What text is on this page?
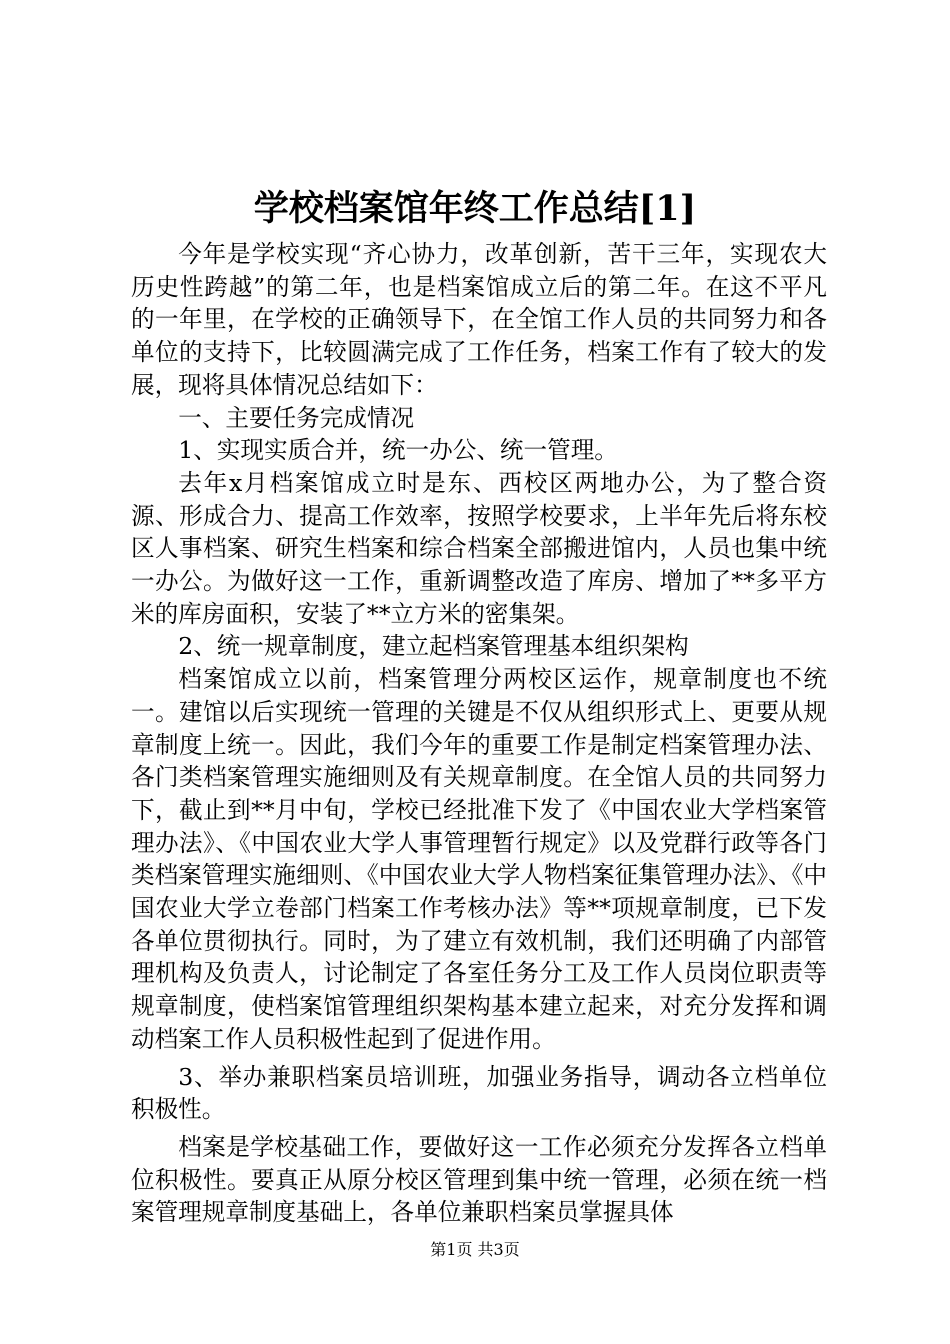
学校档案馆年终工作总结[1]

今年是学校实现“齐心协力，改革创新，苦干三年，实现农大历史性跨越”的第二年，也是档案馆成立后的第二年。在这不平凡的一年里，在学校的正确领导下，在全馆工作人员的共同努力和各单位的支持下，比较圆满完成了工作任务，档案工作有了较大的发展，现将具体情况总结如下：

一、主要任务完成情况

1、实现实质合并，统一办公、统一管理。

去年x月档案馆成立时是东、西校区两地办公，为了整合资源、形成合力、提高工作效率，按照学校要求，上半年先后将东校区人事档案、研究生档案和综合档案全部搬进馆内，人员也集中统一办公。为做好这一工作，重新调整改造了库房、增加了**多平方米的库房面积，安装了**立方米的密集架。

2、统一规章制度，建立起档案管理基本组织架构

档案馆成立以前，档案管理分两校区运作，规章制度也不统一。建馆以后实现统一管理的关键是不仅从组织形式上、更要从规章制度上统一。因此，我们今年的重要工作是制定档案管理办法、各门类档案管理实施细则及有关规章制度。在全馆人员的共同努力下，截止到**月中旬，学校已经批准下发了《中国农业大学档案管理办法》、《中国农业大学人事管理暂行规定》以及党群行政等各门类档案管理实施细则、《中国农业大学人物档案征集管理办法》、《中国农业大学立卷部门档案工作考核办法》等**项规章制度，已下发各单位贯彻执行。同时，为了建立有效机制，我们还明确了内部管理机构及负责人，讨论制定了各室任务分工及工作人员岗位职责等规章制度，使档案馆管理组织架构基本建立起来，对充分发挥和调动档案工作人员积极性起到了促进作用。

3、举办兼职档案员培训班，加强业务指导，调动各立档单位积极性。

档案是学校基础工作，要做好这一工作必须充分发挥各立档单位积极性。要真正从原分校区管理到集中统一管理，必须在统一档案管理规章制度基础上，各单位兼职档案员掌握具体

第1页 共3页
